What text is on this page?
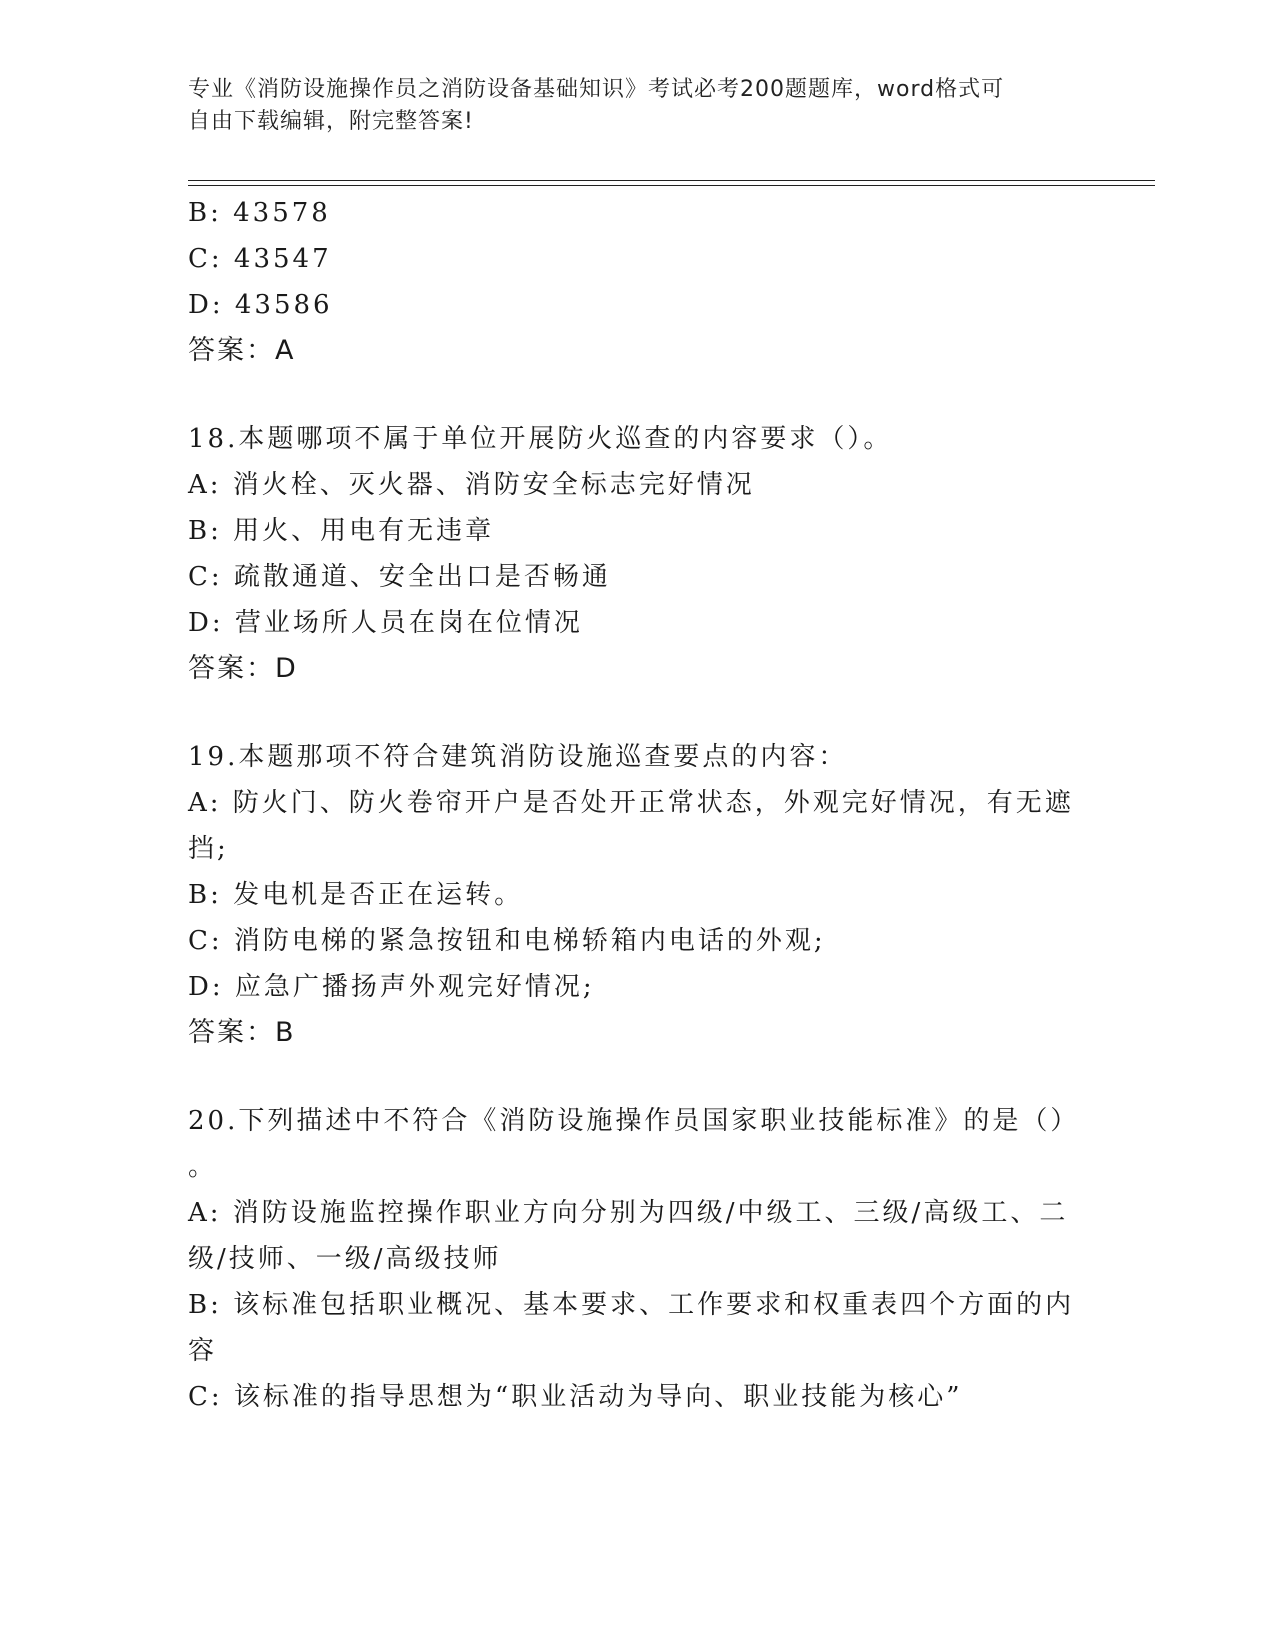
专业《消防设施操作员之消防设备基础知识》考试必考200题题库，word格式可
自由下载编辑，附完整答案!
B: 43578
C: 43547
D: 43586
答案：A
18.本题哪项不属于单位开展防火巡查的内容要求（）。
A: 消火栓、灭火器、消防安全标志完好情况
B: 用火、用电有无违章
C: 疏散通道、安全出口是否畅通
D: 营业场所人员在岗在位情况
答案：D
19.本题那项不符合建筑消防设施巡查要点的内容：
A: 防火门、防火卷帘开户是否处开正常状态，外观完好情况，有无遮
挡;
B: 发电机是否正在运转。
C: 消防电梯的紧急按钮和电梯轿箱内电话的外观;
D: 应急广播扬声外观完好情况;
答案：B
20.下列描述中不符合《消防设施操作员国家职业技能标准》的是（）
。
A: 消防设施监控操作职业方向分别为四级/中级工、三级/高级工、二
级/技师、一级/高级技师
B: 该标准包括职业概况、基本要求、工作要求和权重表四个方面的内
容
C: 该标准的指导思想为“职业活动为导向、职业技能为核心”
